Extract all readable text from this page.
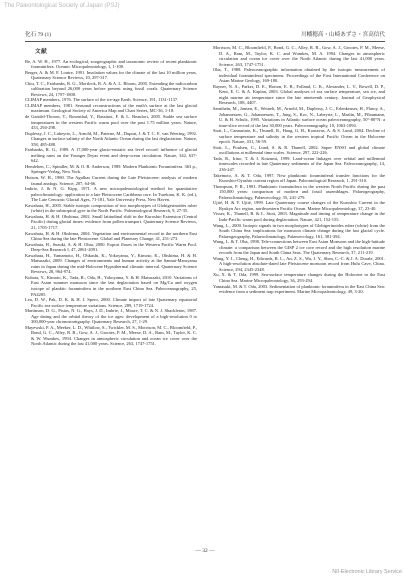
The Paleontological Society of Japan (PSJ)
化石 79 (1)	川幡穂高・山崎あずさ・宮高信代
文献

Be, A. W. H., 1977. An ecological, zoogeographic and taxonomic review of recent planktonic foraminifera. Oceanic Micropaleontology, 1, 1-100.

Berger, A. & M. F. Loutre, 1991. Insolation values for the climate of the last 10 million years. Quaternary Science Reviews, 10, 297-317.

Chiu, T. C., Fairbanks, R. G., Mortlock, R. A. & A. L. Bloom, 2005. Extending the radiocarbon calibration beyond 26,000 years before present using fossil corals. Quaternary Science Reviews, 24, 1797-1808.

CLIMAP members, 1976. The surface of the ice-age Earth. Science, 191, 1131-1137.

CLIMAP members, 1981. Seasonal reconstructions of the earth's surface at the last glacial maximum. Geological Society of America Map and Chart Series, MC-36, 1-18.

de Garidel-Thoron, T., Rosenthal, Y., Bassinot, F. & L. Beaufort, 2005. Stable sea surface temperatures in the western Pacific warm pool over the past 1.75 million years. Nature, 433, 294-298.

Duplessy, J. C., Labeyrie, L., Arnold, M., Paterne, M., Duprat, J. & T. C. E. van Weering, 1992. Changes in surface salinity of the North Atlantic Ocean during the last deglaciation. Nature, 358, 485-488.

Fairbanks, R. G., 1989. A 17,000-year glacio-eustatic sea level record: influence of glacial melting rates on the Younger Dryas event and deep-ocean circulation. Nature, 342, 637-642.

Hemleben, C., Spindler, M. & O. R. Anderson, 1989. Modern Planktonic Foraminifera. 363 p., Springer-Verlag, New York.

Hutson, W. H., 1980. The Agulhas Current during the Late Pleistocene: analysis of modern faunal analogs. Science, 207, 64-66.

Imbrie, J. & N. G. Kipp, 1971. A new micropaleontological method for quantitative paleoclimatology: application to a late Pleistocene Caribbean core. In Turekian, K. K. (ed.), The Late Cenozoic Glacial Ages, 71-181, Yale University Press, New Haven.

Kawahata, H., 2005. Stable isotopic composition of two morphotypes of Globigerinoides ruber (white) in the subtropical gyre in the North Pacific. Paleontological Research, 9, 27-35.

Kawahata, H. & H. Ohshima, 2002. Small latitudinal shift in the Kuroshio Extension (Central Pacific) during glacial times: evidence from pollen transport. Quaternary Science Reviews, 21, 1705-1717.

Kawahata, H. & H. Ohshima, 2004. Vegetation and environmental record in the northern East China Sea during the late Pleistocene. Global and Planetary Change, 41, 251-273.

Kawahata, H., Suzuki, A. & H. Ohta, 2000. Export fluxes in the Western Pacific Warm Pool. Deep-Sea Research I, 47, 2061-2091.

Kawahata, H., Yamamoto, H., Ohkushi, K., Yokoyama, Y., Kimoto, K., Ohshima, H. & H. Matsuzaki, 2009. Changes of environments and human activity at the Sannai-Maruyama ruins in Japan during the mid-Holocene Hypsithermal climatic interval. Quaternary Science Reviews, 28, 964-974.

Kubota, Y., Kimoto, K., Tada, R., Oda, H., Yokoyama, Y. & H. Matsuzaki, 2010. Variations of East Asian summer monsoon since the last deglaciation based on Mg/Ca and oxygen isotope of planktic foraminifera in the northern East China Sea. Paleoceanography, 25, PA4205.

Lea, D. W., Pak, D. K. & H. J. Spero, 2000. Climate impact of late Quaternary equatorial Pacific sea surface temperature variations. Science, 289, 1719-1724.

Martinson, D. G., Pisias, N. G., Hays, J. D., Imbrie, J., Moore, T. C. & N. J. Shackleton, 1987. Age dating and the orbital theory of the ice ages: development of a high-resolution 0 to 300,000-year chronostratigraphy. Quaternary Research, 27, 1-29.

Mayewski, P. A., Meeker, L. D., Whitlow, S., Twickler, M. S., Morrison, M. C., Bloomfield, P., Bond, G. C., Alley, R. B., Gow, A. J., Grootes, P. M., Meese, D. A., Ram, M., Taylor, K. C. & W. Wumkes, 1994. Changes in atmospheric circulation and ocean ice cover over the North Atlantic during the last 41,000 years. Science, 263, 1747-1751.

Morrison, M. C., Bloomfield, P., Bond, G. C., Alley, R. B., Gow, A. J., Grootes, P. M., Meese, D. A., Ram, M., Taylor, K. C. and Wumkes, M. A. 1994. Changes in atmospheric circulation and ocean ice cover over the North Atlantic during the last 41,000 years. Science, 263, 1747-1751.

Oba, T., 1988. Paleoceanographic information obtained by the isotopic measurement of individual foraminiferal specimens. Proceedings of the First International Conference on Asian Marine Geology, 169-180.

Rayner, N. A., Parker, D. E., Horton, E. B., Folland, C. K., Alexander, L. V., Rowell, D. P., Kent, E. C. & A. Kaplan, 2003. Global analyses of sea surface temperature, sea ice, and night marine air temperature since the late nineteenth century. Journal of Geophysical Research, 108, 4407.

Sarnthein, M., Jansen, E., Weinelt, M., Arnold, M., Duplessy, J. C., Erlenkeuser, H., Flatoy, A., Johannessen, G., Johannessen, T., Jung, S., Koc, N., Labeyrie, L., Maslin, M., Pflaumann, U. & H. Schulz, 1995. Variations in Atlantic surface ocean paleoceanography, 50°-80°N: a time-slice record of the last 30,000 years. Paleoceanography, 10, 1063-1094.

Stott, L., Cannariato, K., Thunell, R., Haug, G. H., Koutavas, A. & S. Lund, 2004. Decline of surface temperature and salinity in the western tropical Pacific Ocean in the Holocene epoch. Nature, 431, 56-59.

Stott, L., Poulsen, C., Lund, S. & R. Thunell, 2002. Super ENSO and global climate oscillations at millennial time scales. Science, 297, 222-226.

Tada, R., Irino, T. & I. Koizumi, 1999. Land-ocean linkages over orbital and millennial timescales recorded in late Quaternary sediments of the Japan Sea. Paleoceanography, 14, 236-247.

Takemoto, A. & T. Oda, 1997. New planktonic foraminiferal transfer functions for the Kuroshio-Oyashio current region off Japan. Paleontological Research, 1, 291-310.

Thompson, P. R., 1981. Planktonic foraminifera in the western North Pacific during the past 150,000 years: comparison of modern and fossil assemblages. Palaeogeography, Palaeoclimatology, Palaeoecology, 35, 241-279.

Ujiié, H. & Y. Ujiié, 1999. Late Quaternary course changes of the Kuroshio Current in the Ryukyu Arc region, northwestern Pacific Ocean. Marine Micropaleontology, 37, 23-40.

Visser, K., Thunell, R. & L. Stott, 2003. Magnitude and timing of temperature change in the Indo-Pacific warm pool during deglaciation. Nature, 421, 152-155.

Wang, L., 2000. Isotopic signals in two morphotypes of Globigerinoides ruber (white) from the South China Sea: implications for monsoon climate change during the last glacial cycle. Palaeogeography, Palaeoclimatology, Palaeoecology, 161, 381-394.

Wang, L. & T. Oba, 1998. Tele-connections between East Asian Monsoon and the high-latitude climate: a comparison between the GISP 2 ice core record and the high resolution marine records from the Japan and South China Seas. The Quaternary Research, 37, 211-219.

Wang, Y. J., Cheng, H., Edwards, R. L., An, Z. S., Wu, J. Y., Shen, C.-C. & J. A. Dorale, 2001. A high-resolution absolute-dated late Pleistocene monsoon record from Hulu Cave, China. Science, 294, 2345-2348.

Xu, X. & T. Oda, 1999. Sea-surface temperature changes during the Holocene in the East China Sea. Marine Micropaleontology, 36, 293-294.

Yamasaki, M. & T. Oda, 2003. Sedimentation of planktonic foraminifera in the East China Sea: evidence from a sediment trap experiment. Marine Micropaleontology, 49, 3-20.

— 32 —
NII-Electronic Library Service
